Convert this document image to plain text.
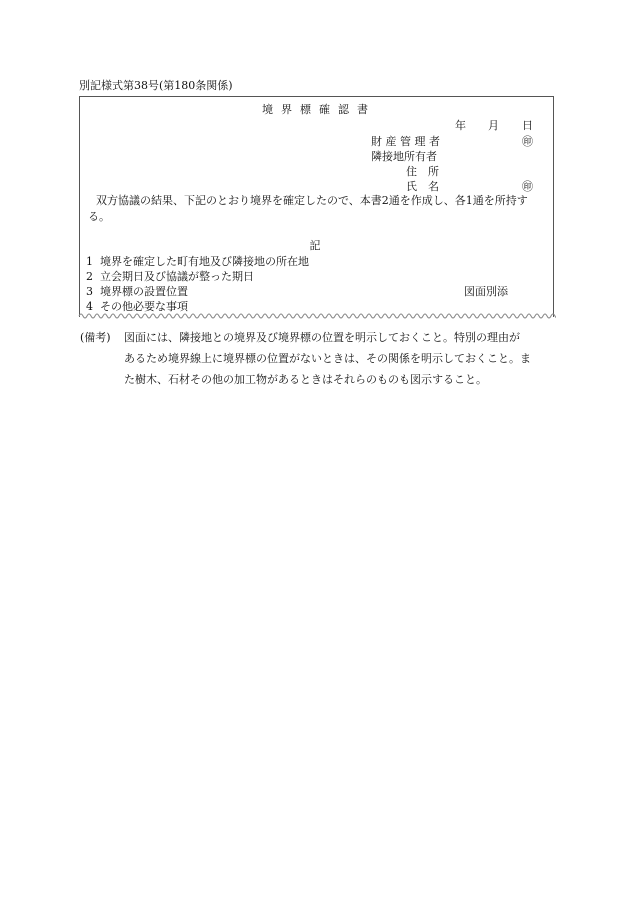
別記様式第38号(第180条関係)
境界標確認書
年 月 日
財 産 管 理 者	㊞
隣接地所有者
住　所
氏　名	㊞
双方協議の結果、下記のとおり境界を確定したので、本書2通を作成し、各1通を所持する。
記
1 境界を確定した町有地及び隣接地の所在地
2 立会期日及び協議が整った期日
3 境界標の設置位置	図面別添
4 その他必要な事項
(備考) 図面には、隣接地との境界及び境界標の位置を明示しておくこと。特別の理由が
あるため境界線上に境界標の位置がないときは、その関係を明示しておくこと。ま
た樹木、石材その他の加工物があるときはそれらのものも図示すること。
